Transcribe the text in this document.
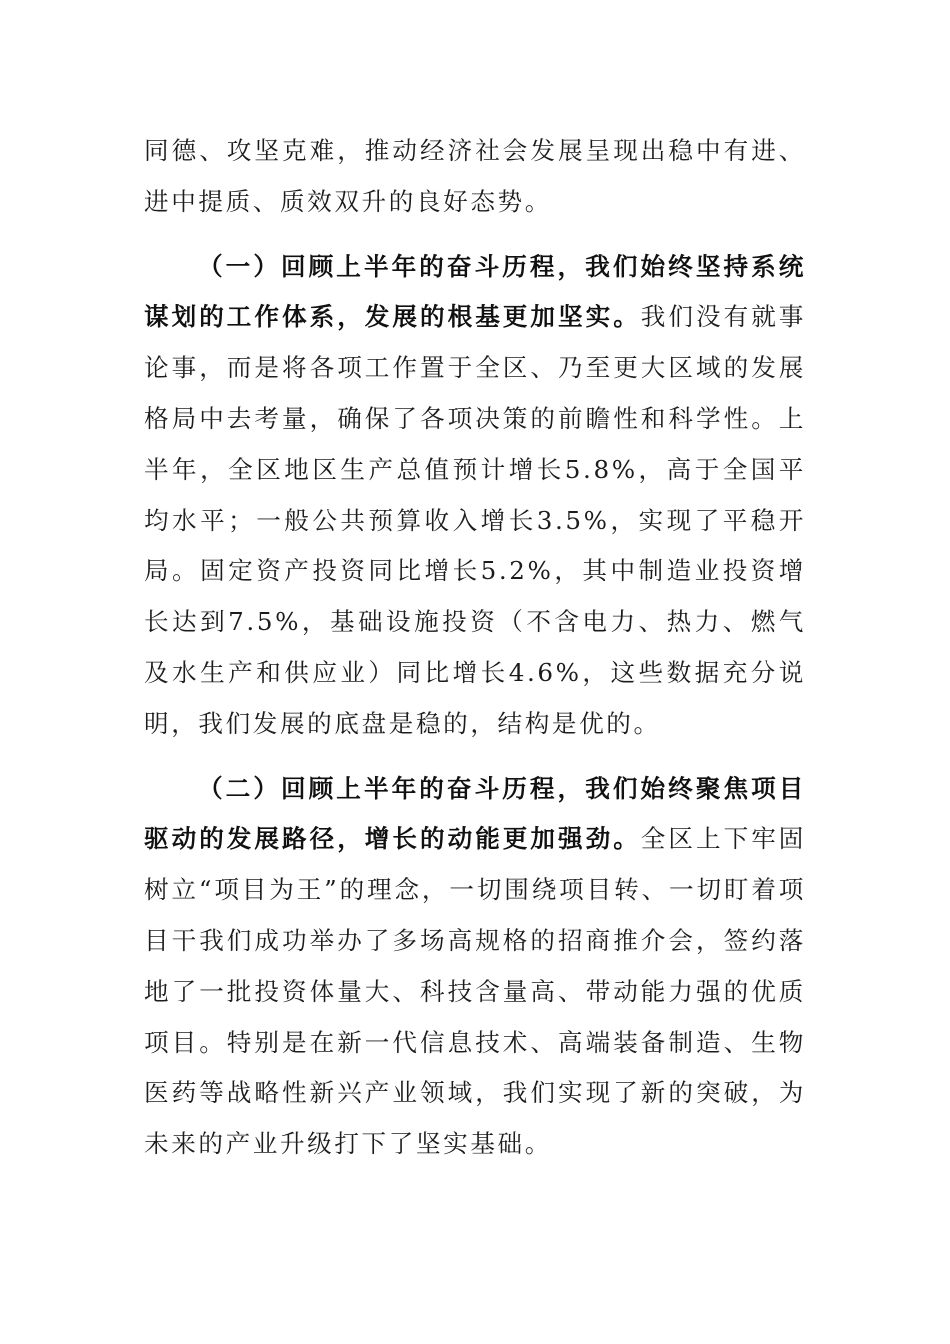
同德、攻坚克难，推动经济社会发展呈现出稳中有进、进中提质、质效双升的良好态势。

（一）回顾上半年的奋斗历程，我们始终坚持系统谋划的工作体系，发展的根基更加坚实。我们没有就事论事，而是将各项工作置于全区、乃至更大区域的发展格局中去考量，确保了各项决策的前瞻性和科学性。上半年，全区地区生产总值预计增长5.8%，高于全国平均水平；一般公共预算收入增长3.5%，实现了平稳开局。固定资产投资同比增长5.2%，其中制造业投资增长达到7.5%，基础设施投资（不含电力、热力、燃气及水生产和供应业）同比增长4.6%，这些数据充分说明，我们发展的底盘是稳的，结构是优的。

（二）回顾上半年的奋斗历程，我们始终聚焦项目驱动的发展路径，增长的动能更加强劲。全区上下牢固树立“项目为王”的理念，一切围绕项目转、一切盯着项目干我们成功举办了多场高规格的招商推介会，签约落地了一批投资体量大、科技含量高、带动能力强的优质项目。特别是在新一代信息技术、高端装备制造、生物医药等战略性新兴产业领域，我们实现了新的突破，为未来的产业升级打下了坚实基础。
